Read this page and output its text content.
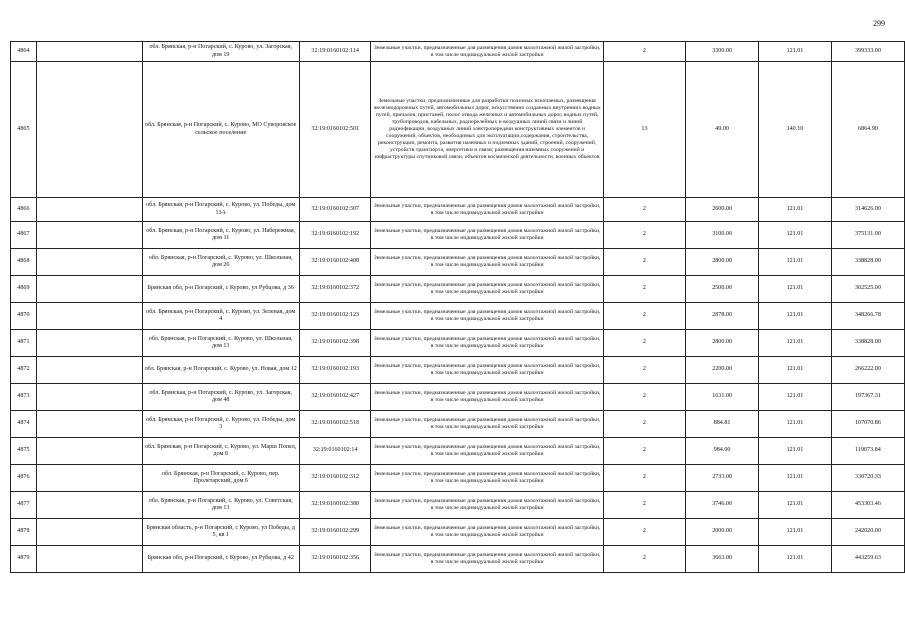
299
4864		обл. Брянская, р-н Погарский, с. Курово, ул. Загорская, дом 19	32:19:0160102:114	Земельные участки, предназначенные для размещения домов малоэтажной жилой застройки, в том числе индивидуальной жилой застройки	2	3300.00	121.01	399333.00
4865		обл. Брянская, р-н Погарский, с. Курово, МО Суворовское сельское поселение	32:19:0160102:501	Земельные участки, предназначенные для разработки полезных ископаемых, размещения железнодорожных путей, автомобильных дорог, искусственно созданных внутренних водных путей, причалов, пристаней, полос отвода железных и автомобильных дорог, водных путей, трубопроводов, кабельных, радиорелейных и воздушных линий связи и линий радиофикации, воздушных линий электропередачи конструктивных элементов и сооружений, объектов, необходимых для эксплуатации,содержания, строительства, реконструкции, ремонта, развития наземных и подземных зданий, строений, сооружений, устройств транспорта, энергетики и связи; размещения наземных сооружений и инфраструктуры спутниковой связи, объектов космической деятельности, военных объектов	13	49.00	140.10	6864.90
4866		обл. Брянская, р-н Погарский, с. Курово, ул. Победы, дом 13А	32:19:0160102:307	Земельные участки, предназначенные для размещения домов малоэтажной жилой застройки, в том числе индивидуальной жилой застройки	2	2600.00	121.01	314626.00
4867		обл. Брянская, р-н Погарский, с. Курово, ул. Набережная, дом 11	32:19:0160102:192	Земельные участки, предназначенные для размещения домов малоэтажной жилой застройки, в том числе индивидуальной жилой застройки	2	3100.00	121.01	375131.00
4868		обл. Брянская, р-н Погарский, с. Курово, ул. Школьная, дом 26	32:19:0160102:408	Земельные участки, предназначенные для размещения домов малоэтажной жилой застройки, в том числе индивидуальной жилой застройки	2	2800.00	121.01	338828.00
4869		Брянская обл, р-н Погарский, с Курово, ул Рубцова, д 36	32:19:0160102:372	Земельные участки, предназначенные для размещения домов малоэтажной жилой застройки, в том числе индивидуальной жилой застройки	2	2500.00	121.01	302525.00
4870		обл. Брянская, р-н Погарский, с. Курово, ул. Зеленая, дом 4	32:19:0160102:123	Земельные участки, предназначенные для размещения домов малоэтажной жилой застройки, в том числе индивидуальной жилой застройки	2	2878.00	121.01	348266.78
4871		обл. Брянская, р-н Погарский, с. Курово, ул. Школьная, дом 13	32:19:0160102:398	Земельные участки, предназначенные для размещения домов малоэтажной жилой застройки, в том числе индивидуальной жилой застройки	2	2800.00	121.01	338828.00
4872		обл. Брянская, р-н Погарский, с. Курово, ул. Новая, дом 12	32:19:0160102:193	Земельные участки, предназначенные для размещения домов малоэтажной жилой застройки, в том числе индивидуальной жилой застройки	2	2200.00	121.01	266222.00
4873		обл. Брянская, р-н Погарский, с. Курово, ул. Загорская, дом 48	32:19:0160102:427	Земельные участки, предназначенные для размещения домов малоэтажной жилой застройки, в том числе индивидуальной жилой застройки	2	1631.00	121.01	197367.31
4874		обл. Брянская, р-н Погарский, с. Курово, ул. Победы, дом 3	32:19:0160102:518	Земельные участки, предназначенные для размещения домов малоэтажной жилой застройки, в том числе индивидуальной жилой застройки	2	884.81	121.01	107070.86
4875		обл. Брянская, р-н Погарский, с. Курово, ул. Марш Попел, дом 8	32:19:0160102:14	Земельные участки, предназначенные для размещения домов малоэтажной жилой застройки, в том числе индивидуальной жилой застройки	2	984.00	121.01	119073.84
4876		обл. Брянская, р-н Погарский, с. Курово, пер. Пролетарский, дом 6	32:19:0160102:312	Земельные участки, предназначенные для размещения домов малоэтажной жилой застройки, в том числе индивидуальной жилой застройки	2	2733.00	121.01	330720.33
4877		обл. Брянская, р-н Погарский, с. Курово, ул. Советская, дом 13	32:19:0160102:380	Земельные участки, предназначенные для размещения домов малоэтажной жилой застройки, в том числе индивидуальной жилой застройки	2	3746.00	121.01	453303.46
4878		Брянская область, р-н Погарский, с Курово, ул Победы, д 5, кв 1	32:19:0160102:299	Земельные участки, предназначенные для размещения домов малоэтажной жилой застройки, в том числе индивидуальной жилой застройки	2	2000.00	121.01	242020.00
4879		Брянская обл, р-н Погарский, с Курово, ул Рубцова, д 42	32:19:0160102:356	Земельные участки, предназначенные для размещения домов малоэтажной жилой застройки, в том числе индивидуальной жилой застройки	2	3663.00	121.01	443259.63
